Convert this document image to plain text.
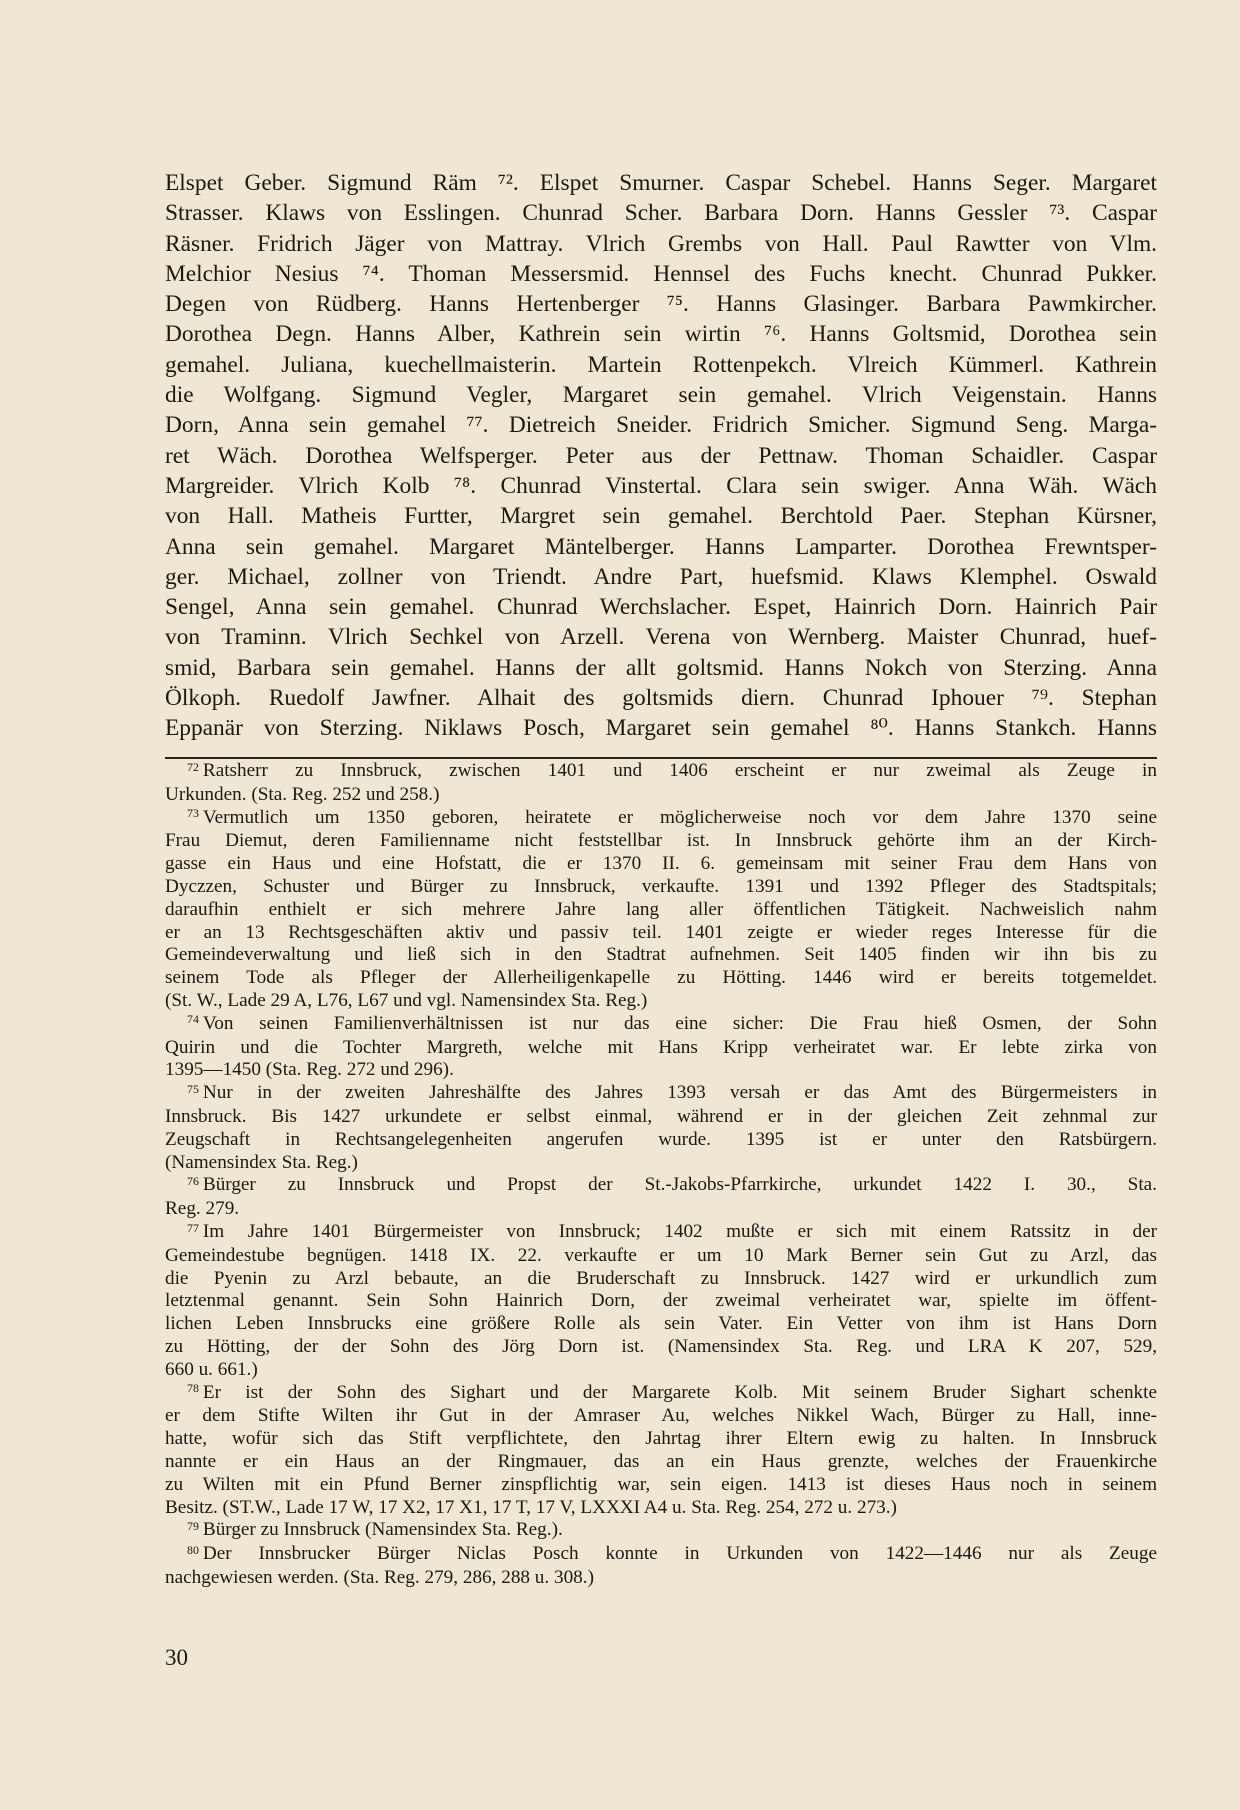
Elspet Geber. Sigmund Räm ⁷². Elspet Smurner. Caspar Schebel. Hanns Seger. Margaret
Strasser. Klaws von Esslingen. Chunrad Scher. Barbara Dorn. Hanns Gessler ⁷³. Caspar
Räsner. Fridrich Jäger von Mattray. Vlrich Grembs von Hall. Paul Rawtter von Vlm.
Melchior Nesius ⁷⁴. Thoman Messersmid. Hennsel des Fuchs knecht. Chunrad Pukker.
Degen von Rüdberg. Hanns Hertenberger ⁷⁵. Hanns Glasinger. Barbara Pawmkircher.
Dorothea Degn. Hanns Alber, Kathrein sein wirtin ⁷⁶. Hanns Goltsmid, Dorothea sein
gemahel. Juliana, kuechellmaisterin. Martein Rottenpekch. Vlreich Kümmerl. Kathrein
die Wolfgang. Sigmund Vegler, Margaret sein gemahel. Vlrich Veigenstain. Hanns
Dorn, Anna sein gemahel ⁷⁷. Dietreich Sneider. Fridrich Smicher. Sigmund Seng. Marga-
ret Wäch. Dorothea Welfsperger. Peter aus der Pettnaw. Thoman Schaidler. Caspar
Margreider. Vlrich Kolb ⁷⁸. Chunrad Vinstertal. Clara sein swiger. Anna Wäh. Wäch
von Hall. Matheis Furtter, Margret sein gemahel. Berchtold Paer. Stephan Kürsner,
Anna sein gemahel. Margaret Mäntelberger. Hanns Lamparter. Dorothea Frewntsper-
ger. Michael, zollner von Triendt. Andre Part, huefsmid. Klaws Klemphel. Oswald
Sengel, Anna sein gemahel. Chunrad Werchslacher. Espet, Hainrich Dorn. Hainrich Pair
von Traminn. Vlrich Sechkel von Arzell. Verena von Wernberg. Maister Chunrad, huef-
smid, Barbara sein gemahel. Hanns der allt goltsmid. Hanns Nokch von Sterzing. Anna
Ölkoph. Ruedolf Jawfner. Alhait des goltsmids diern. Chunrad Iphouer ⁷⁹. Stephan
Eppanär von Sterzing. Niklaws Posch, Margaret sein gemahel ⁸⁰. Hanns Stankch. Hanns
$^{72}$ Ratsherr zu Innsbruck, zwischen 1401 und 1406 erscheint er nur zweimal als Zeuge in
Urkunden. (Sta. Reg. 252 und 258.)
$^{73}$ Vermutlich um 1350 geboren, heiratete er möglicherweise noch vor dem Jahre 1370 seine
Frau Diemut, deren Familienname nicht feststellbar ist. In Innsbruck gehörte ihm an der Kirch-
gasse ein Haus und eine Hofstatt, die er 1370 II. 6. gemeinsam mit seiner Frau dem Hans von
Dyczzen, Schuster und Bürger zu Innsbruck, verkaufte. 1391 und 1392 Pfleger des Stadtspitals;
daraufhin enthielt er sich mehrere Jahre lang aller öffentlichen Tätigkeit. Nachweislich nahm
er an 13 Rechtsgeschäften aktiv und passiv teil. 1401 zeigte er wieder reges Interesse für die
Gemeindeverwaltung und ließ sich in den Stadtrat aufnehmen. Seit 1405 finden wir ihn bis zu
seinem Tode als Pfleger der Allerheiligenkapelle zu Hötting. 1446 wird er bereits totgemeldet.
(St. W., Lade 29 A, L76, L67 und vgl. Namensindex Sta. Reg.)
$^{74}$ Von seinen Familienverhältnissen ist nur das eine sicher: Die Frau hieß Osmen, der Sohn
Quirin und die Tochter Margreth, welche mit Hans Kripp verheiratet war. Er lebte zirka von
1395—1450 (Sta. Reg. 272 und 296).
$^{75}$ Nur in der zweiten Jahreshälfte des Jahres 1393 versah er das Amt des Bürgermeisters in
Innsbruck. Bis 1427 urkundete er selbst einmal, während er in der gleichen Zeit zehnmal zur
Zeugschaft in Rechtsangelegenheiten angerufen wurde. 1395 ist er unter den Ratsbürgern.
(Namensindex Sta. Reg.)
$^{76}$ Bürger zu Innsbruck und Propst der St.-Jakobs-Pfarrkirche, urkundet 1422 I. 30., Sta.
Reg. 279.
$^{77}$ Im Jahre 1401 Bürgermeister von Innsbruck; 1402 mußte er sich mit einem Ratssitz in der
Gemeindestube begnügen. 1418 IX. 22. verkaufte er um 10 Mark Berner sein Gut zu Arzl, das
die Pyenin zu Arzl bebaute, an die Bruderschaft zu Innsbruck. 1427 wird er urkundlich zum
letztenmal genannt. Sein Sohn Hainrich Dorn, der zweimal verheiratet war, spielte im öffent-
lichen Leben Innsbrucks eine größere Rolle als sein Vater. Ein Vetter von ihm ist Hans Dorn
zu Hötting, der der Sohn des Jörg Dorn ist. (Namensindex Sta. Reg. und LRA K 207, 529,
660 u. 661.)
$^{78}$ Er ist der Sohn des Sighart und der Margarete Kolb. Mit seinem Bruder Sighart schenkte
er dem Stifte Wilten ihr Gut in der Amraser Au, welches Nikkel Wach, Bürger zu Hall, inne-
hatte, wofür sich das Stift verpflichtete, den Jahrtag ihrer Eltern ewig zu halten. In Innsbruck
nannte er ein Haus an der Ringmauer, das an ein Haus grenzte, welches der Frauenkirche
zu Wilten mit ein Pfund Berner zinspflichtig war, sein eigen. 1413 ist dieses Haus noch in seinem
Besitz. (ST.W., Lade 17 W, 17 X2, 17 X1, 17 T, 17 V, LXXXI A4 u. Sta. Reg. 254, 272 u. 273.)
$^{79}$ Bürger zu Innsbruck (Namensindex Sta. Reg.).
$^{80}$ Der Innsbrucker Bürger Niclas Posch konnte in Urkunden von 1422—1446 nur als Zeuge
nachgewiesen werden. (Sta. Reg. 279, 286, 288 u. 308.)
30
